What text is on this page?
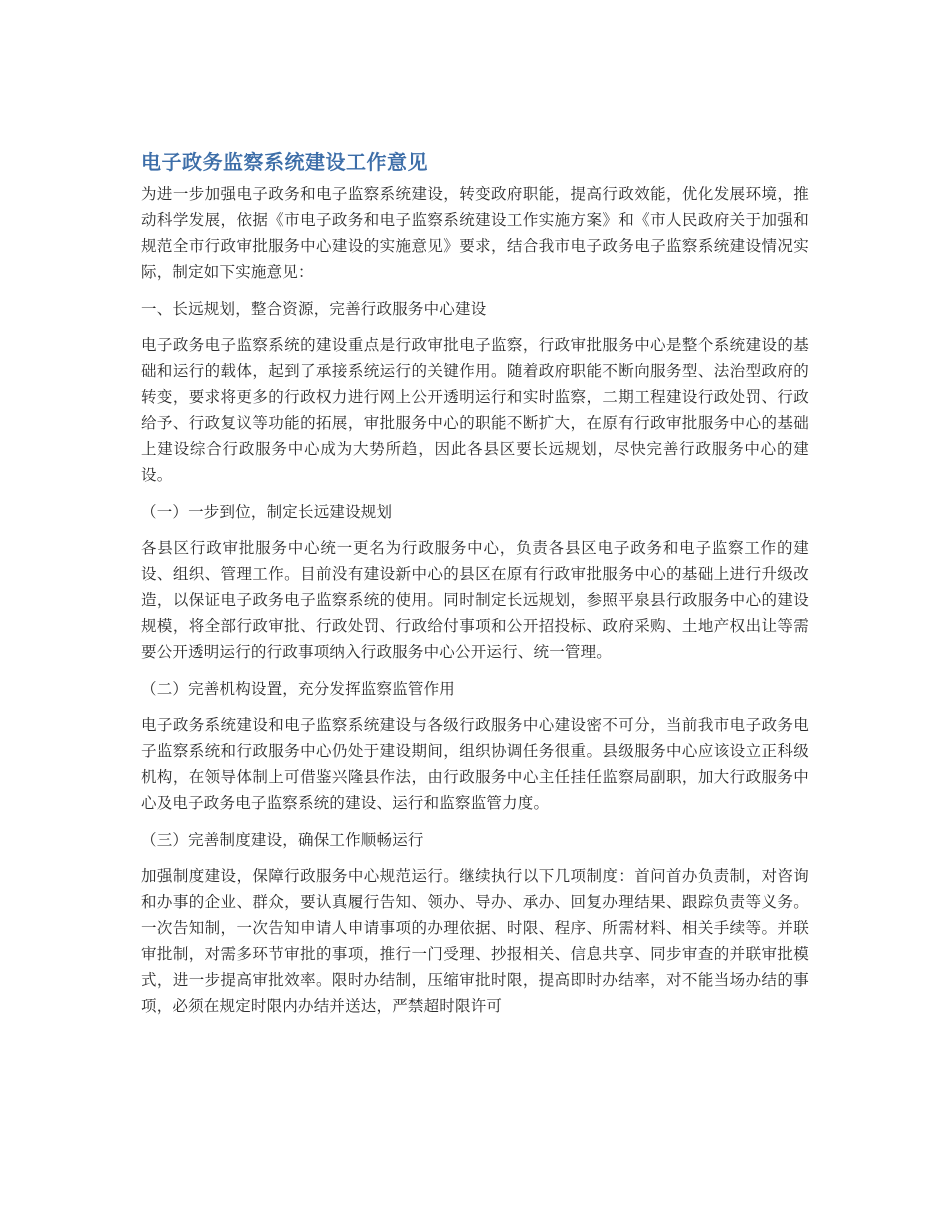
电子政务监察系统建设工作意见

为进一步加强电子政务和电子监察系统建设，转变政府职能，提高行政效能，优化发展环境，推动科学发展，依据《市电子政务和电子监察系统建设工作实施方案》和《市人民政府关于加强和规范全市行政审批服务中心建设的实施意见》要求，结合我市电子政务电子监察系统建设情况实际，制定如下实施意见：

一、长远规划，整合资源，完善行政服务中心建设

电子政务电子监察系统的建设重点是行政审批电子监察，行政审批服务中心是整个系统建设的基础和运行的载体，起到了承接系统运行的关键作用。随着政府职能不断向服务型、法治型政府的转变，要求将更多的行政权力进行网上公开透明运行和实时监察，二期工程建设行政处罚、行政给予、行政复议等功能的拓展，审批服务中心的职能不断扩大，在原有行政审批服务中心的基础上建设综合行政服务中心成为大势所趋，因此各县区要长远规划，尽快完善行政服务中心的建设。

（一）一步到位，制定长远建设规划

各县区行政审批服务中心统一更名为行政服务中心，负责各县区电子政务和电子监察工作的建设、组织、管理工作。目前没有建设新中心的县区在原有行政审批服务中心的基础上进行升级改造，以保证电子政务电子监察系统的使用。同时制定长远规划，参照平泉县行政服务中心的建设规模，将全部行政审批、行政处罚、行政给付事项和公开招投标、政府采购、土地产权出让等需要公开透明运行的行政事项纳入行政服务中心公开运行、统一管理。

（二）完善机构设置，充分发挥监察监管作用

电子政务系统建设和电子监察系统建设与各级行政服务中心建设密不可分，当前我市电子政务电子监察系统和行政服务中心仍处于建设期间，组织协调任务很重。县级服务中心应该设立正科级机构，在领导体制上可借鉴兴隆县作法，由行政服务中心主任挂任监察局副职，加大行政服务中心及电子政务电子监察系统的建设、运行和监察监管力度。

（三）完善制度建设，确保工作顺畅运行

加强制度建设，保障行政服务中心规范运行。继续执行以下几项制度：首问首办负责制，对咨询和办事的企业、群众，要认真履行告知、领办、导办、承办、回复办理结果、跟踪负责等义务。一次告知制，一次告知申请人申请事项的办理依据、时限、程序、所需材料、相关手续等。并联审批制，对需多环节审批的事项，推行一门受理、抄报相关、信息共享、同步审查的并联审批模式，进一步提高审批效率。限时办结制，压缩审批时限，提高即时办结率，对不能当场办结的事项，必须在规定时限内办结并送达，严禁超时限许可
